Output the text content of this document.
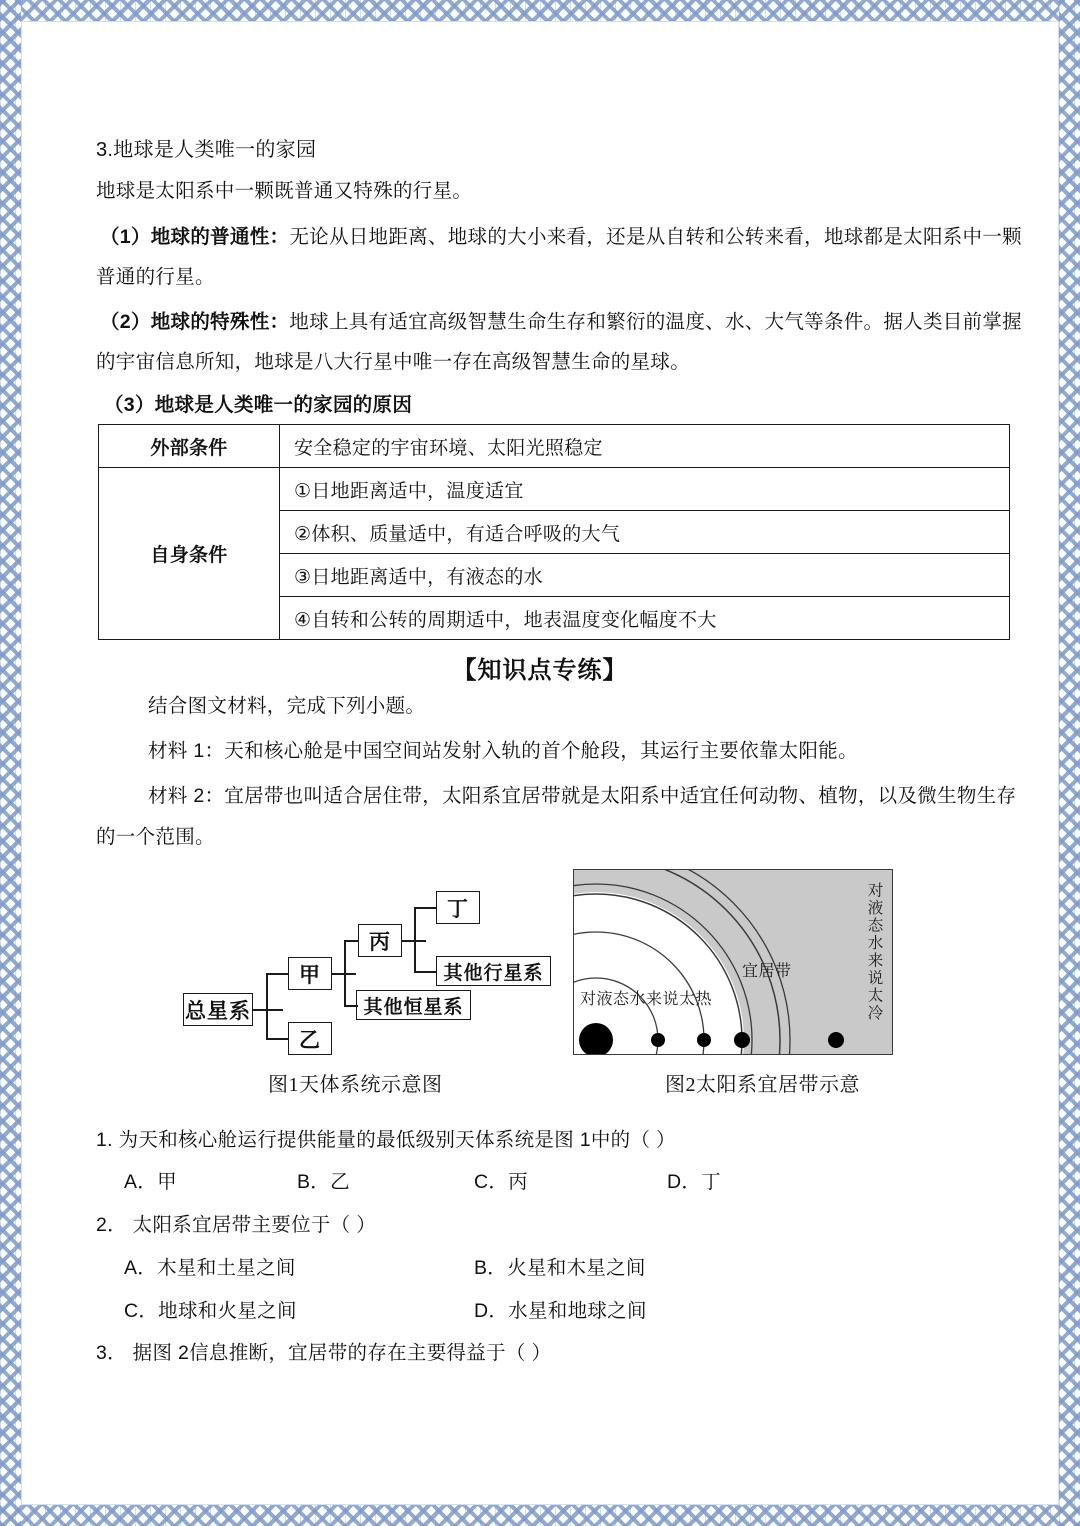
3.地球是人类唯一的家园
地球是太阳系中一颗既普通又特殊的行星。
（1）地球的普通性：无论从日地距离、地球的大小来看，还是从自转和公转来看，地球都是太阳系中一颗
普通的行星。
（2）地球的特殊性：地球上具有适宜高级智慧生命生存和繁衍的温度、水、大气等条件。据人类目前掌握
的宇宙信息所知，地球是八大行星中唯一存在高级智慧生命的星球。
（3）地球是人类唯一的家园的原因
外部条件	安全稳定的宇宙环境、太阳光照稳定
自身条件	①日地距离适中，温度适宜
	②体积、质量适中，有适合呼吸的大气
	③日地距离适中，有液态的水
	④自转和公转的周期适中，地表温度变化幅度不大
【知识点专练】
结合图文材料，完成下列小题。
材料 1：天和核心舱是中国空间站发射入轨的首个舱段，其运行主要依靠太阳能。
材料 2：宜居带也叫适合居住带，太阳系宜居带就是太阳系中适宜任何动物、植物，以及微生物生存
的一个范围。
总星系
甲
乙
丙
丁
其他行星系
其他恒星系	对液态水来说太热
宜居带	对液态水来说太冷
图1天体系统示意图	图2太阳系宜居带示意
1. 为天和核心舱运行提供能量的最低级别天体系统是图 1中的（ ）
A．甲	B．乙	C．丙	D．丁
2． 太阳系宜居带主要位于（ ）
A．木星和土星之间	B．火星和木星之间
C．地球和火星之间	D．水星和地球之间
3． 据图 2信息推断，宜居带的存在主要得益于（ ）
